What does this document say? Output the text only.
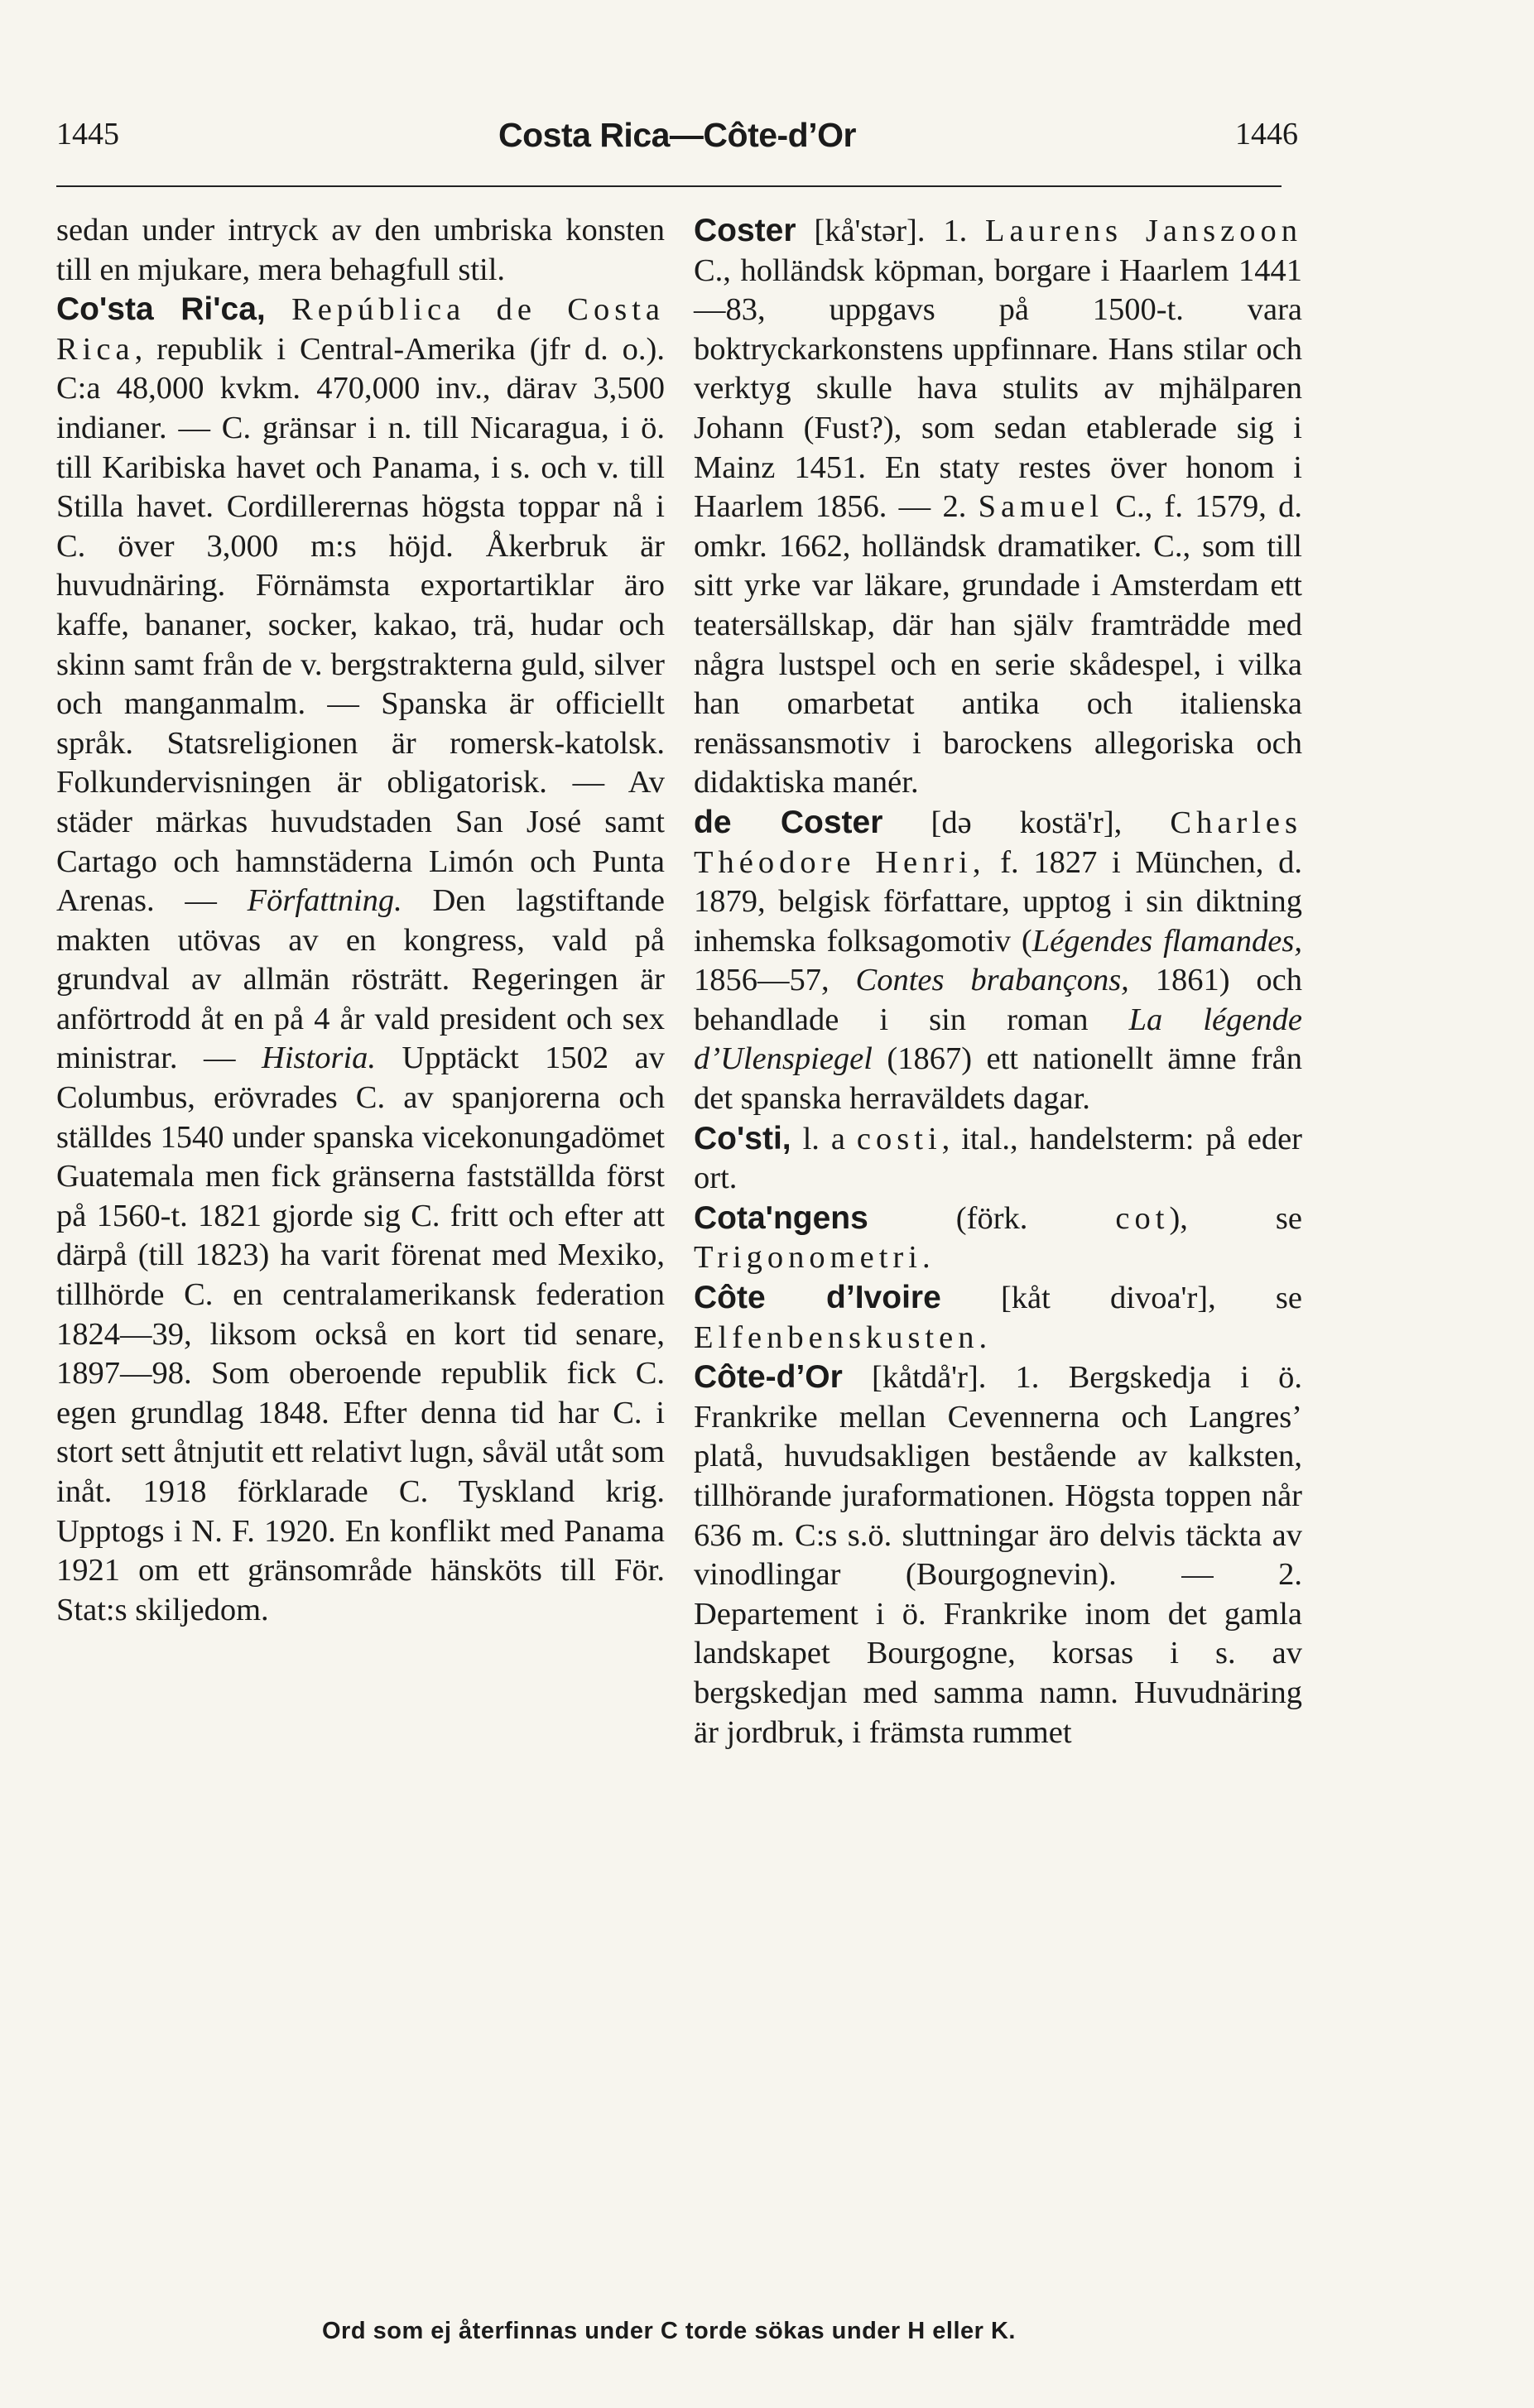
1445	Costa Rica—Côte-d’Or	1446
sedan under intryck av den umbriska konsten till en mjukare, mera behagfull stil.
Co'sta Ri'ca, República de Costa Rica, republik i Central-Amerika (jfr d. o.). C:a 48,000 kvkm. 470,000 inv., därav 3,500 indianer. — C. gränsar i n. till Nicaragua, i ö. till Karibiska havet och Panama, i s. och v. till Stilla havet. Cordillerernas högsta toppar nå i C. över 3,000 m:s höjd. Åkerbruk är huvudnäring. Förnämsta exportartiklar äro kaffe, bananer, socker, kakao, trä, hudar och skinn samt från de v. bergstrakterna guld, silver och manganmalm. — Spanska är officiellt språk. Statsreligionen är romersk-katolsk. Folkundervisningen är obligatorisk. — Av städer märkas huvudstaden San José samt Cartago och hamnstäderna Limón och Punta Arenas. — Författning. Den lagstiftande makten utövas av en kongress, vald på grundval av allmän rösträtt. Regeringen är anförtrodd åt en på 4 år vald president och sex ministrar. — Historia. Upptäckt 1502 av Columbus, erövrades C. av spanjorerna och ställdes 1540 under spanska vicekonungadömet Guatemala men fick gränserna fastställda först på 1560-t. 1821 gjorde sig C. fritt och efter att därpå (till 1823) ha varit förenat med Mexiko, tillhörde C. en centralamerikansk federation 1824—39, liksom också en kort tid senare, 1897—98. Som oberoende republik fick C. egen grundlag 1848. Efter denna tid har C. i stort sett åtnjutit ett relativt lugn, såväl utåt som inåt. 1918 förklarade C. Tyskland krig. Upptogs i N. F. 1920. En konflikt med Panama 1921 om ett gränsområde hänsköts till För. Stat:s skiljedom.
Coster [kå'stər]. 1. Laurens Janszoon C., holländsk köpman, borgare i Haarlem 1441—83, uppgavs på 1500-t. vara boktryckarkonstens uppfinnare. Hans stilar och verktyg skulle hava stulits av mjhälparen Johann (Fust?), som sedan etablerade sig i Mainz 1451. En staty restes över honom i Haarlem 1856. — 2. Samuel C., f. 1579, d. omkr. 1662, holländsk dramatiker. C., som till sitt yrke var läkare, grundade i Amsterdam ett teatersällskap, där han själv framträdde med några lustspel och en serie skådespel, i vilka han omarbetat antika och italienska renässansmotiv i barockens allegoriska och didaktiska manér.
de Coster [də kostä'r], Charles Théodore Henri, f. 1827 i München, d. 1879, belgisk författare, upptog i sin diktning inhemska folksagomotiv (Légendes flamandes, 1856—57, Contes brabançons, 1861) och behandlade i sin roman La légende d’Ulenspiegel (1867) ett nationellt ämne från det spanska herraväldets dagar.
Co'sti, l. a costi, ital., handelsterm: på eder ort.
Cota'ngens (förk. cot), se Trigonometri.
Côte d’Ivoire [kåt divoa'r], se Elfenbenskusten.
Côte-d’Or [kåtdå'r]. 1. Bergskedja i ö. Frankrike mellan Cevennerna och Langres’ platå, huvudsakligen bestående av kalksten, tillhörande juraformationen. Högsta toppen når 636 m. C:s s.ö. sluttningar äro delvis täckta av vinodlingar (Bourgognevin). — 2. Departement i ö. Frankrike inom det gamla landskapet Bourgogne, korsas i s. av bergskedjan med samma namn. Huvudnäring är jordbruk, i främsta rummet
Ord som ej återfinnas under C torde sökas under H eller K.
